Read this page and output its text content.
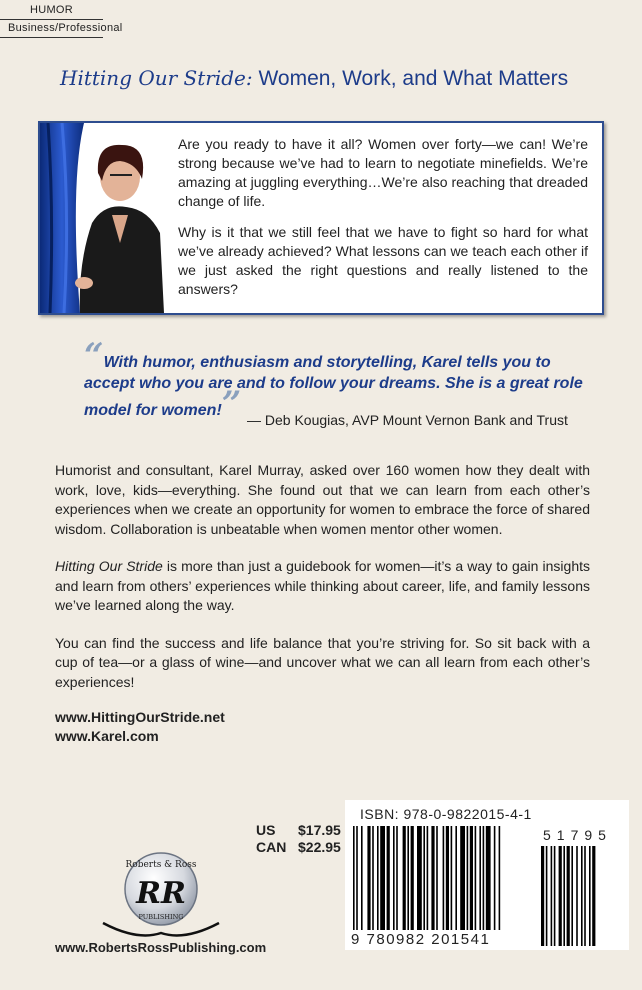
HUMOR
Business/Professional
Hitting Our Stride: Women, Work, and What Matters

Are you ready to have it all? Women over forty—we can! We’re strong because we’ve had to learn to negotiate minefields. We’re amazing at juggling everything…We’re also reaching that dreaded change of life.

Why is it that we still feel that we have to fight so hard for what we’ve already achieved? What lessons can we teach each other if we just asked the right questions and really listened to the answers?

“With humor, enthusiasm and storytelling, Karel tells you to accept who you are and to follow your dreams. She is a great role model for women!” — Deb Kougias, AVP Mount Vernon Bank and Trust

Humorist and consultant, Karel Murray, asked over 160 women how they dealt with work, love, kids—everything. She found out that we can learn from each other’s experiences when we create an opportunity for women to embrace the force of shared wisdom. Collaboration is unbeatable when women mentor other women.

Hitting Our Stride is more than just a guidebook for women—it’s a way to gain insights and learn from others’ experiences while thinking about career, life, and family lessons we’ve learned along the way.

You can find the success and life balance that you’re striving for. So sit back with a cup of tea—or a glass of wine—and uncover what we can all learn from each other’s experiences!

www.HittingOurStride.net
www.Karel.com
US $17.95
CAN $22.95
Roberts & Ross
RR
PUBLISHING
www.RobertsRossPublishing.com
ISBN: 978-0-9822015-4-1
51795
9 780982 201541
